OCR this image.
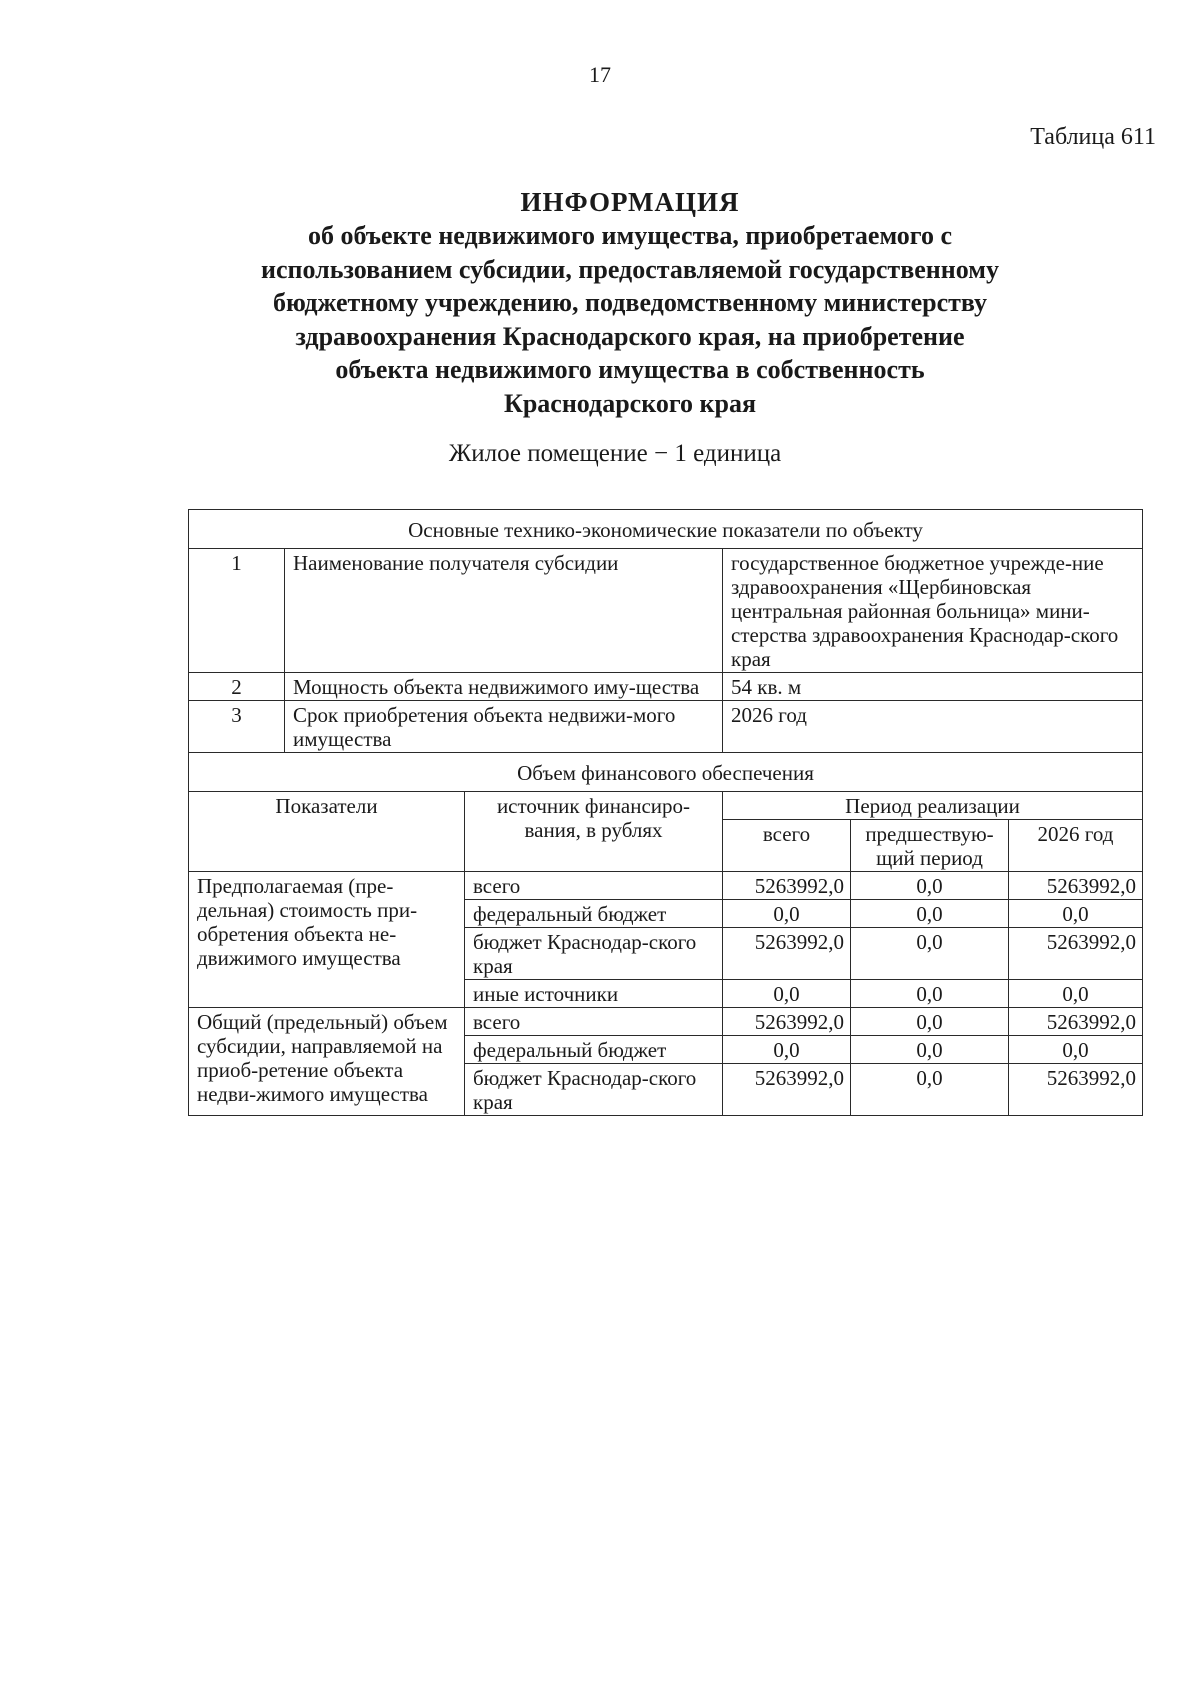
17
Таблица 611
ИНФОРМАЦИЯ
об объекте недвижимого имущества, приобретаемого с
использованием субсидии, предоставляемой государственному
бюджетному учреждению, подведомственному министерству
здравоохранения Краснодарского края, на приобретение
объекта недвижимого имущества в собственность
Краснодарского края
Жилое помещение − 1 единица
Основные технико-экономические показатели по объекту					
1	Наименование получателя субсидии		государственное бюджетное учрежде-ние здравоохранения «Щербиновская центральная районная больница» мини-стерства здравоохранения Краснодар-ского края		
2	Мощность объекта недвижимого иму-щества		54 кв. м		
3	Срок приобретения объекта недвижи-мого имущества		2026 год		
Объем финансового обеспечения					
Показатели		источник финансиро-вания, в рублях	Период реализации		
			всего	предшествую-щий период	2026 год
Предполагаемая (пре-дельная) стоимость при-обретения объекта не-движимого имущества		всего	5263992,0	0,0	5263992,0
		федеральный бюджет	0,0	0,0	0,0
		бюджет Краснодар-ского края	5263992,0	0,0	5263992,0
		иные источники	0,0	0,0	0,0
Общий (предельный) объем субсидии, направляемой на приоб-ретение объекта недви-жимого имущества		всего	5263992,0	0,0	5263992,0
		федеральный бюджет	0,0	0,0	0,0
		бюджет Краснодар-ского края	5263992,0	0,0	5263992,0
